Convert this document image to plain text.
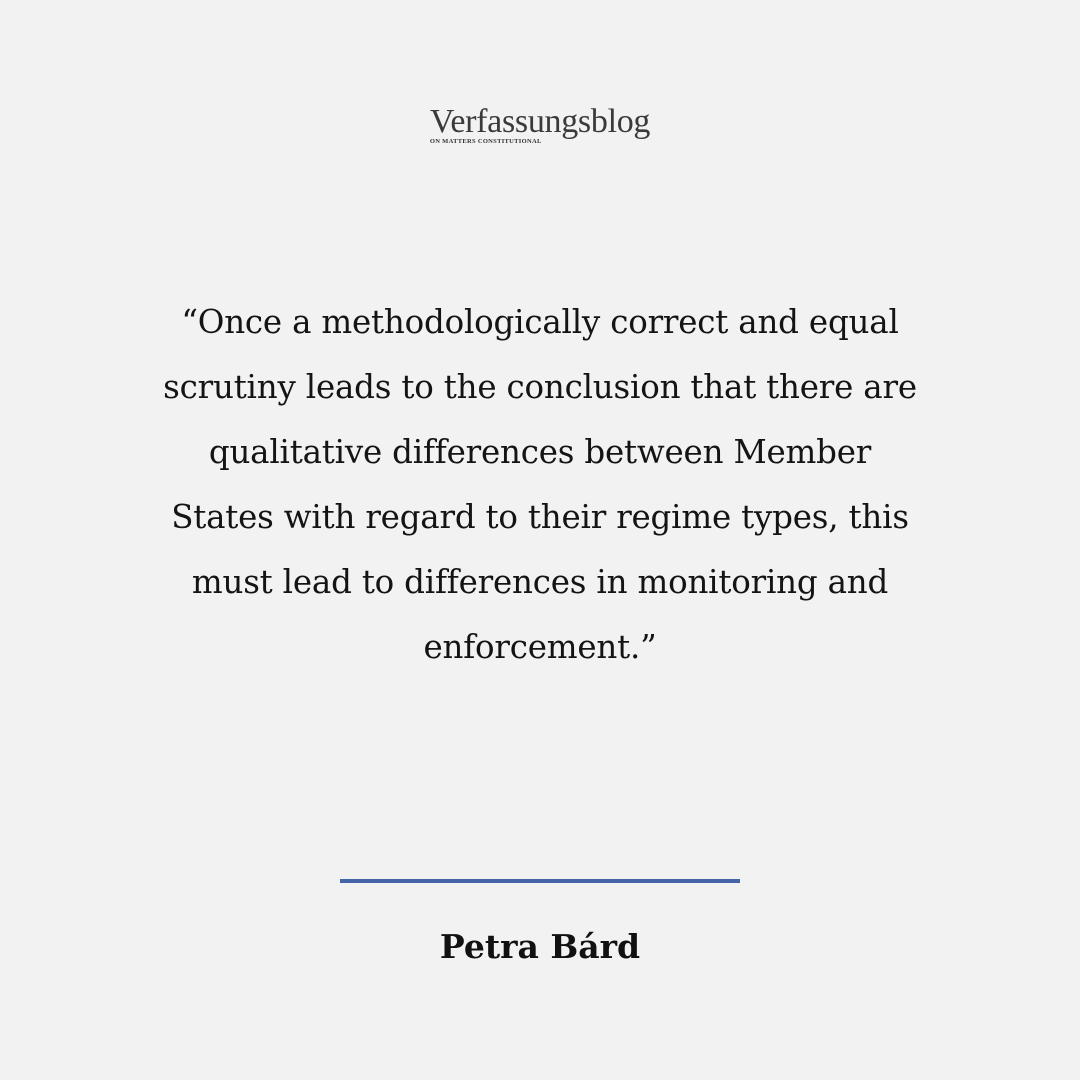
Verfassungsblog
ON MATTERS CONSTITUTIONAL

“Once a methodologically correct and equal scrutiny leads to the conclusion that there are qualitative differences between Member States with regard to their regime types, this must lead to differences in monitoring and enforcement.”

Petra Bárd
